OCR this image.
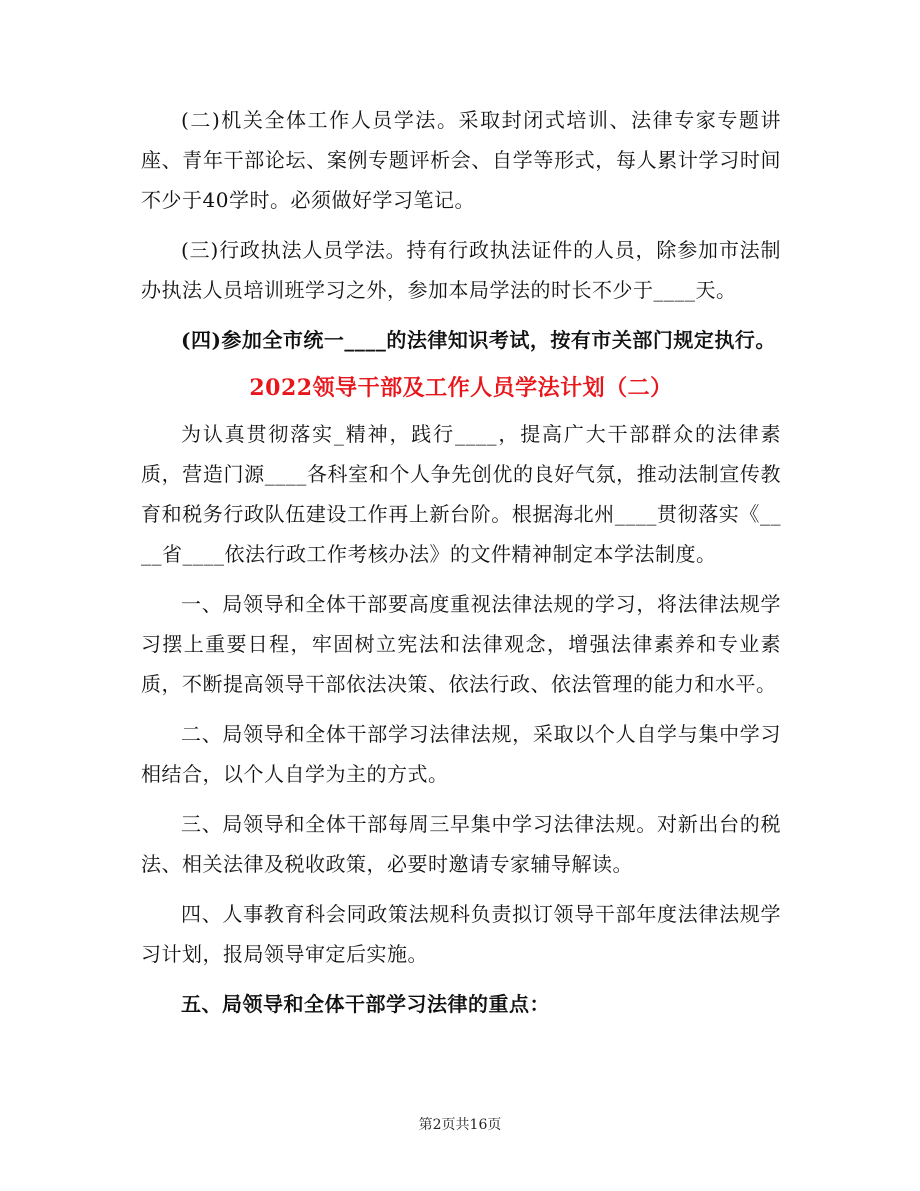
(二)机关全体工作人员学法。采取封闭式培训、法律专家专题讲座、青年干部论坛、案例专题评析会、自学等形式，每人累计学习时间不少于40学时。必须做好学习笔记。

(三)行政执法人员学法。持有行政执法证件的人员，除参加市法制办执法人员培训班学习之外，参加本局学法的时长不少于____天。

(四)参加全市统一____的法律知识考试，按有市关部门规定执行。

2022领导干部及工作人员学法计划（二）

为认真贯彻落实_精神，践行____，提高广大干部群众的法律素质，营造门源____各科室和个人争先创优的良好气氛，推动法制宣传教育和税务行政队伍建设工作再上新台阶。根据海北州____贯彻落实《____省____依法行政工作考核办法》的文件精神制定本学法制度。

一、局领导和全体干部要高度重视法律法规的学习，将法律法规学习摆上重要日程，牢固树立宪法和法律观念，增强法律素养和专业素质，不断提高领导干部依法决策、依法行政、依法管理的能力和水平。

二、局领导和全体干部学习法律法规，采取以个人自学与集中学习相结合，以个人自学为主的方式。

三、局领导和全体干部每周三早集中学习法律法规。对新出台的税法、相关法律及税收政策，必要时邀请专家辅导解读。

四、人事教育科会同政策法规科负责拟订领导干部年度法律法规学习计划，报局领导审定后实施。

五、局领导和全体干部学习法律的重点：

第2页共16页
